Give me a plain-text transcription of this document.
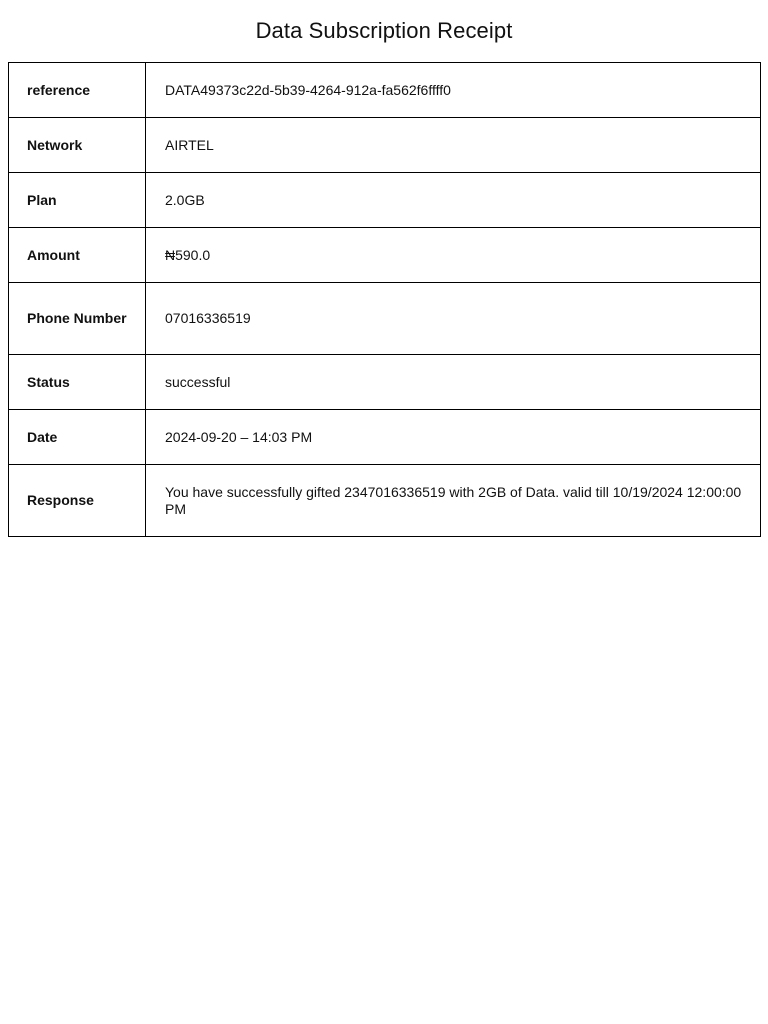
Data Subscription Receipt
reference	DATA49373c22d-5b39-4264-912a-fa562f6ffff0
Network	AIRTEL
Plan	2.0GB
Amount	₦590.0
Phone Number	07016336519
Status	successful
Date	2024-09-20 – 14:03 PM
Response	You have successfully gifted 2347016336519 with 2GB of Data. valid till 10/19/2024 12:00:00 PM
